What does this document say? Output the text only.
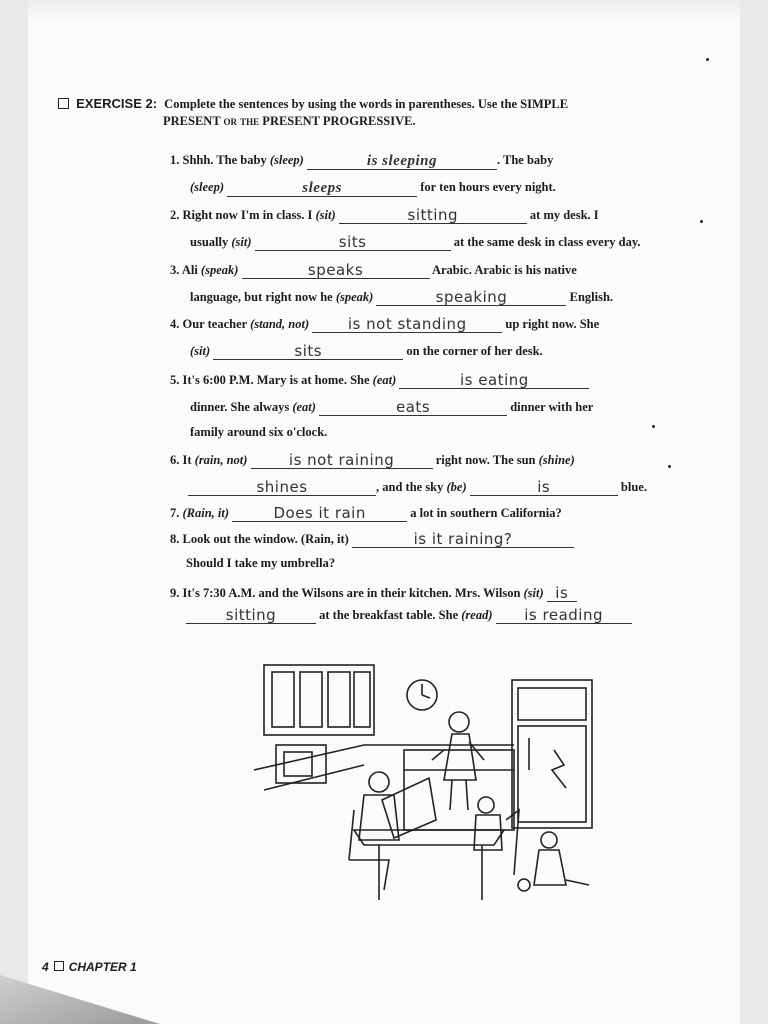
EXERCISE 2: Complete the sentences by using the words in parentheses. Use the SIMPLE
PRESENT or the PRESENT PROGRESSIVE.
1. Shhh. The baby (sleep)	is sleeping	. The baby
(sleep)	sleeps	for ten hours every night.
2. Right now I'm in class. I (sit)	sitting	at my desk. I
usually (sit)	sits	at the same desk in class every day.
3. Ali (speak)	speaks	Arabic. Arabic is his native
language, but right now he (speak)	speaking	English.
4. Our teacher (stand, not)	is not standing	up right now. She
(sit)	sits	on the corner of her desk.
5. It's 6:00 P.M. Mary is at home. She (eat)	is eating
dinner. She always (eat)	eats	dinner with her
family around six o'clock.
6. It (rain, not)	is not raining	right now. The sun (shine)
shines	, and the sky (be)	is	blue.
7. (Rain, it)	Does it rain	a lot in southern California?
8. Look out the window. (Rain, it)	is it raining?
Should I take my umbrella?
9. It's 7:30 A.M. and the Wilsons are in their kitchen. Mrs. Wilson (sit) is
sitting	at the breakfast table. She (read) is reading
4 CHAPTER 1
